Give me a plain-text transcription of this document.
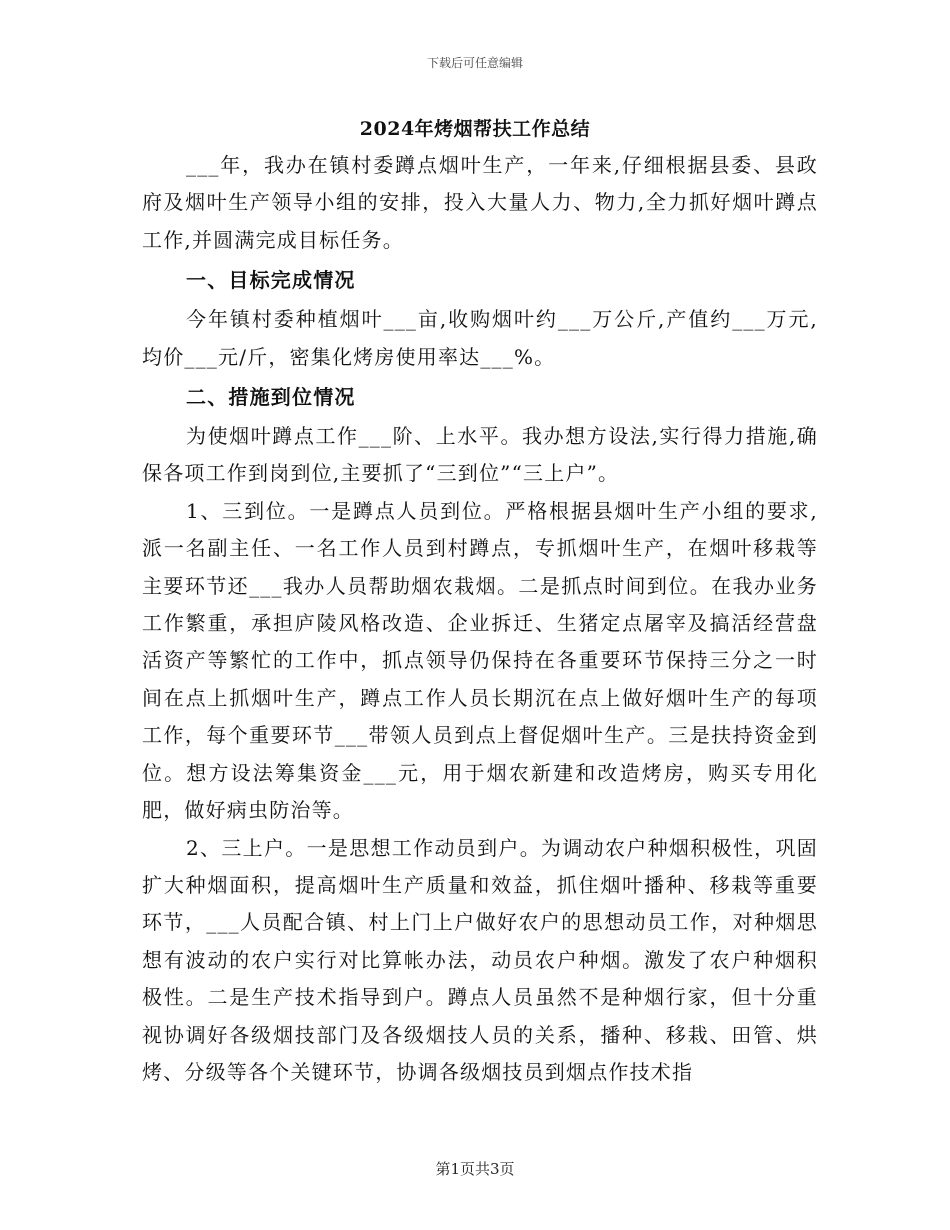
下载后可任意编辑
2024年烤烟帮扶工作总结

___年，我办在镇村委蹲点烟叶生产，一年来,仔细根据县委、县政府及烟叶生产领导小组的安排，投入大量人力、物力,全力抓好烟叶蹲点工作,并圆满完成目标任务。

一、目标完成情况

今年镇村委种植烟叶___亩,收购烟叶约___万公斤,产值约___万元,均价___元/斤，密集化烤房使用率达___%。

二、措施到位情况

为使烟叶蹲点工作___阶、上水平。我办想方设法,实行得力措施,确保各项工作到岗到位,主要抓了“三到位”“三上户”。

1、三到位。一是蹲点人员到位。严格根据县烟叶生产小组的要求,派一名副主任、一名工作人员到村蹲点，专抓烟叶生产，在烟叶移栽等主要环节还___我办人员帮助烟农栽烟。二是抓点时间到位。在我办业务工作繁重，承担庐陵风格改造、企业拆迁、生猪定点屠宰及搞活经营盘活资产等繁忙的工作中，抓点领导仍保持在各重要环节保持三分之一时间在点上抓烟叶生产，蹲点工作人员长期沉在点上做好烟叶生产的每项工作，每个重要环节___带领人员到点上督促烟叶生产。三是扶持资金到位。想方设法筹集资金___元，用于烟农新建和改造烤房，购买专用化肥，做好病虫防治等。

2、三上户。一是思想工作动员到户。为调动农户种烟积极性，巩固扩大种烟面积，提高烟叶生产质量和效益，抓住烟叶播种、移栽等重要环节，___人员配合镇、村上门上户做好农户的思想动员工作，对种烟思想有波动的农户实行对比算帐办法，动员农户种烟。激发了农户种烟积极性。二是生产技术指导到户。蹲点人员虽然不是种烟行家，但十分重视协调好各级烟技部门及各级烟技人员的关系，播种、移栽、田管、烘烤、分级等各个关键环节，协调各级烟技员到烟点作技术指

第1页共3页
